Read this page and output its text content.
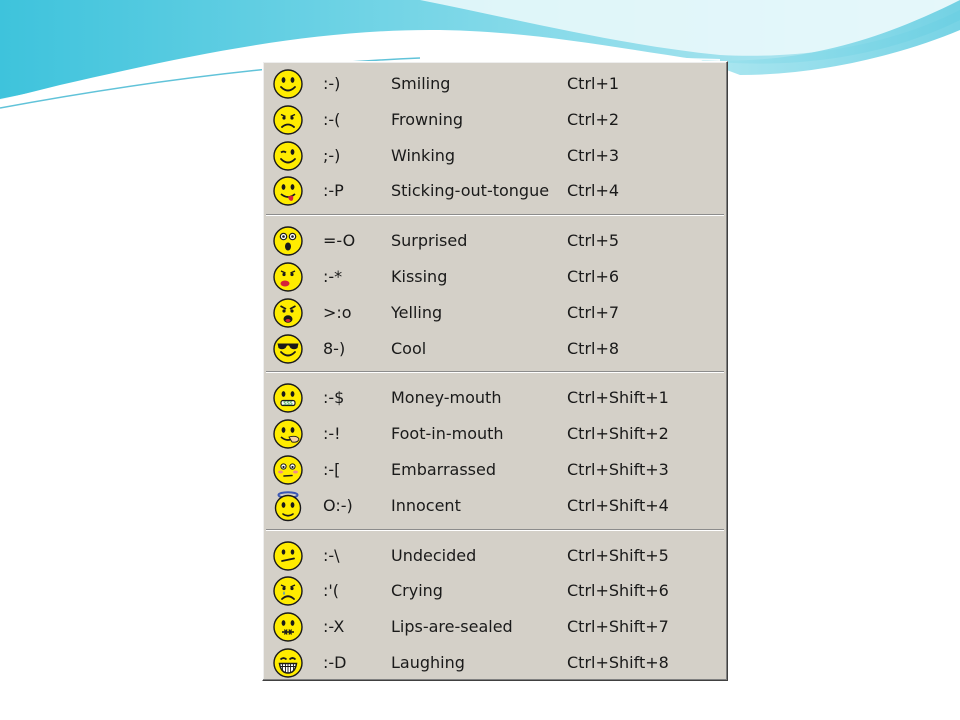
:-)	Smiling	Ctrl+1
:-(	Frowning	Ctrl+2
;-)	Winking	Ctrl+3
:-P	Sticking-out-tongue Ctrl+4
=-O Surprised	Ctrl+5
:-*	Kissing	Ctrl+6
>:o Yelling	Ctrl+7
8-)	Cool	Ctrl+8
$$$ :-$	Money-mouth	Ctrl+Shift+1
:-!	Foot-in-mouth	Ctrl+Shift+2
:-[	Embarrassed	Ctrl+Shift+3
O:-) Innocent	Ctrl+Shift+4
:-\	Undecided	Ctrl+Shift+5
:'(	Crying	Ctrl+Shift+6
:-X	Lips-are-sealed	Ctrl+Shift+7
:-D	Laughing	Ctrl+Shift+8
